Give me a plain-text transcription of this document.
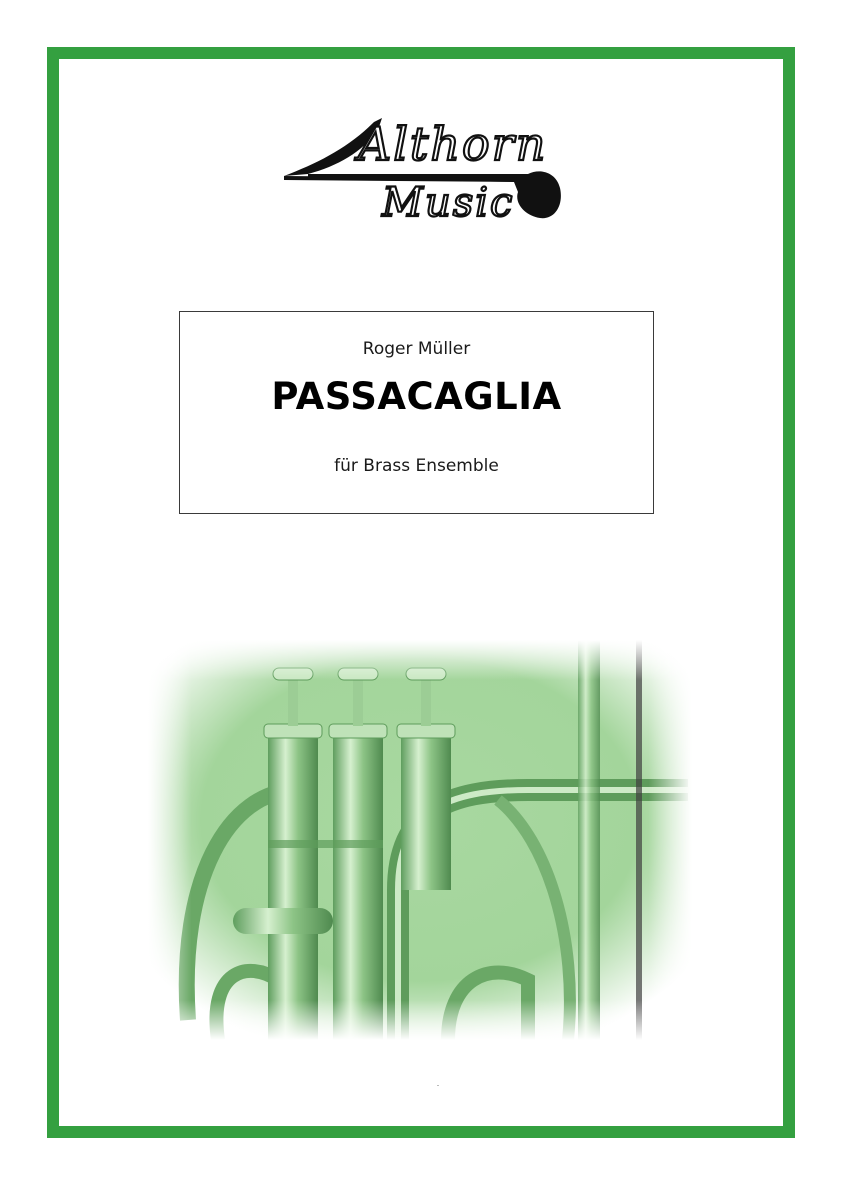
Althorn
Music
Roger Müller
PASSACAGLIA
für Brass Ensemble
